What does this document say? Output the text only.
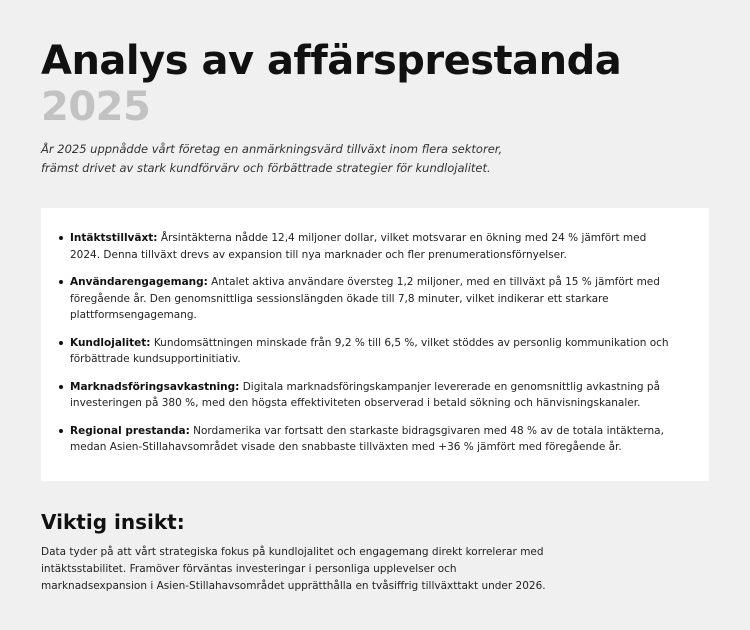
Analys av affärsprestanda 2025

År 2025 uppnådde vårt företag en anmärkningsvärd tillväxt inom flera sektorer, främst drivet av stark kundförvärv och förbättrade strategier för kundlojalitet.

Intäktstillväxt: Årsintäkterna nådde 12,4 miljoner dollar, vilket motsvarar en ökning med 24 % jämfört med 2024. Denna tillväxt drevs av expansion till nya marknader och fler prenumerationsförnyelser.
Användarengagemang: Antalet aktiva användare översteg 1,2 miljoner, med en tillväxt på 15 % jämfört med föregående år. Den genomsnittliga sessionslängden ökade till 7,8 minuter, vilket indikerar ett starkare plattformsengagemang.
Kundlojalitet: Kundomsättningen minskade från 9,2 % till 6,5 %, vilket stöddes av personlig kommunikation och förbättrade kundsupportinitiativ.
Marknadsföringsavkastning: Digitala marknadsföringskampanjer levererade en genomsnittlig avkastning på investeringen på 380 %, med den högsta effektiviteten observerad i betald sökning och hänvisningskanaler.
Regional prestanda: Nordamerika var fortsatt den starkaste bidragsgivaren med 48 % av de totala intäkterna, medan Asien-Stillahavsområdet visade den snabbaste tillväxten med +36 % jämfört med föregående år.
Viktig insikt:

Data tyder på att vårt strategiska fokus på kundlojalitet och engagemang direkt korrelerar med intäktsstabilitet. Framöver förväntas investeringar i personliga upplevelser och marknadsexpansion i Asien-Stillahavsområdet upprätthålla en tvåsiffrig tillväxttakt under 2026.
